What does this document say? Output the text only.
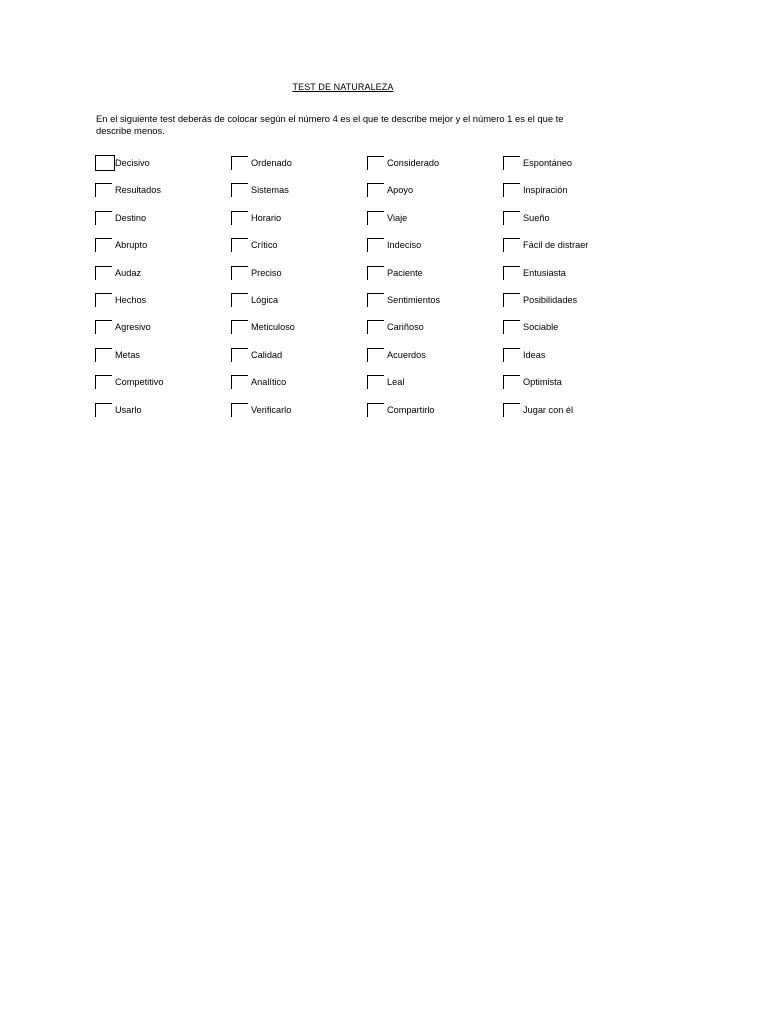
TEST DE NATURALEZA
En el siguiente test deberás de colocar según el número 4 es el que te describe mejor y el número 1 es el que te describe menos.
Decisivo	Ordenado	Considerado	Espontáneo
Resultados	Sistemas	Apoyo	Inspiración
Destino	Horario	Viaje	Sueño
Abrupto	Crítico	Indeciso	Fácil de distraer
Audaz	Preciso	Paciente	Entusiasta
Hechos	Lógica	Sentimientos	Posibilidades
Agresivo	Meticuloso	Cariñoso	Sociable
Metas	Calidad	Acuerdos	Ideas
Competitivo	Analítico	Leal	Optimista
Usarlo	Verificarlo	Compartirlo	Jugar con él
